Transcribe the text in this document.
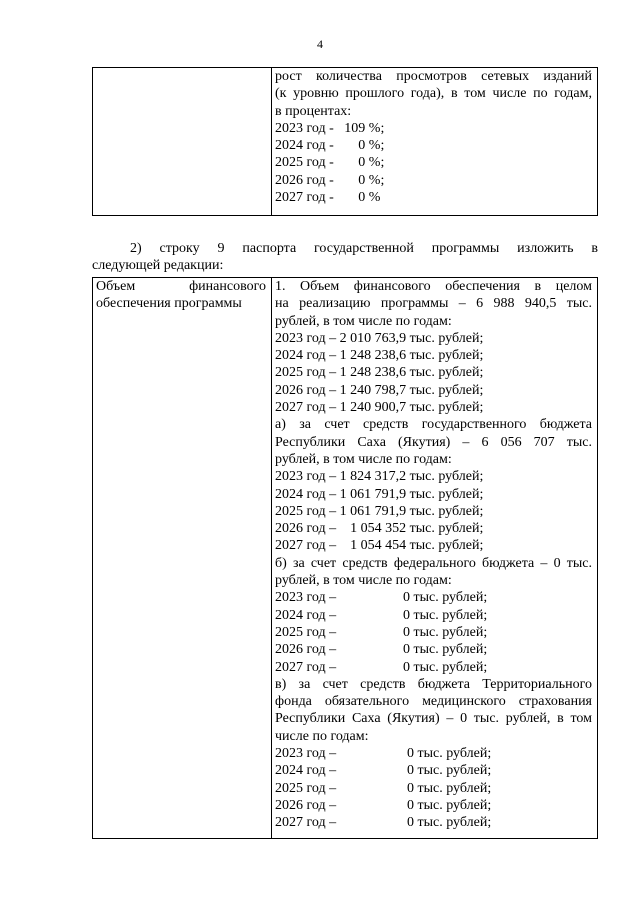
4

рост количества просмотров сетевых изданий
(к уровню прошлого года), в том числе по годам,
в процентах:
2023 год -   109 %;
2024 год -       0 %;
2025 год -       0 %;
2026 год -       0 %;
2027 год -       0 %
2) строку 9 паспорта государственной программы изложить в
следующей редакции:
Объем финансового
обеспечения программы

1. Объем финансового обеспечения в целом
на реализацию программы – 6 988 940,5 тыс.
рублей, в том числе по годам:
2023 год – 2 010 763,9 тыс. рублей;
2024 год – 1 248 238,6 тыс. рублей;
2025 год – 1 248 238,6 тыс. рублей;
2026 год – 1 240 798,7 тыс. рублей;
2027 год – 1 240 900,7 тыс. рублей;
а) за счет средств государственного бюджета
Республики Саха (Якутия) – 6 056 707 тыс.
рублей, в том числе по годам:
2023 год – 1 824 317,2 тыс. рублей;
2024 год – 1 061 791,9 тыс. рублей;
2025 год – 1 061 791,9 тыс. рублей;
2026 год –    1 054 352 тыс. рублей;
2027 год –    1 054 454 тыс. рублей;
б) за счет средств федерального бюджета – 0 тыс.
рублей, в том числе по годам:
2023 год –	0 тыс. рублей;
2024 год –	0 тыс. рублей;
2025 год –	0 тыс. рублей;
2026 год –	0 тыс. рублей;
2027 год –	0 тыс. рублей;
в) за счет средств бюджета Территориального
фонда обязательного медицинского страхования
Республики Саха (Якутия) – 0 тыс. рублей, в том
числе по годам:
2023 год –	0 тыс. рублей;
2024 год –	0 тыс. рублей;
2025 год –	0 тыс. рублей;
2026 год –	0 тыс. рублей;
2027 год –	0 тыс. рублей;
